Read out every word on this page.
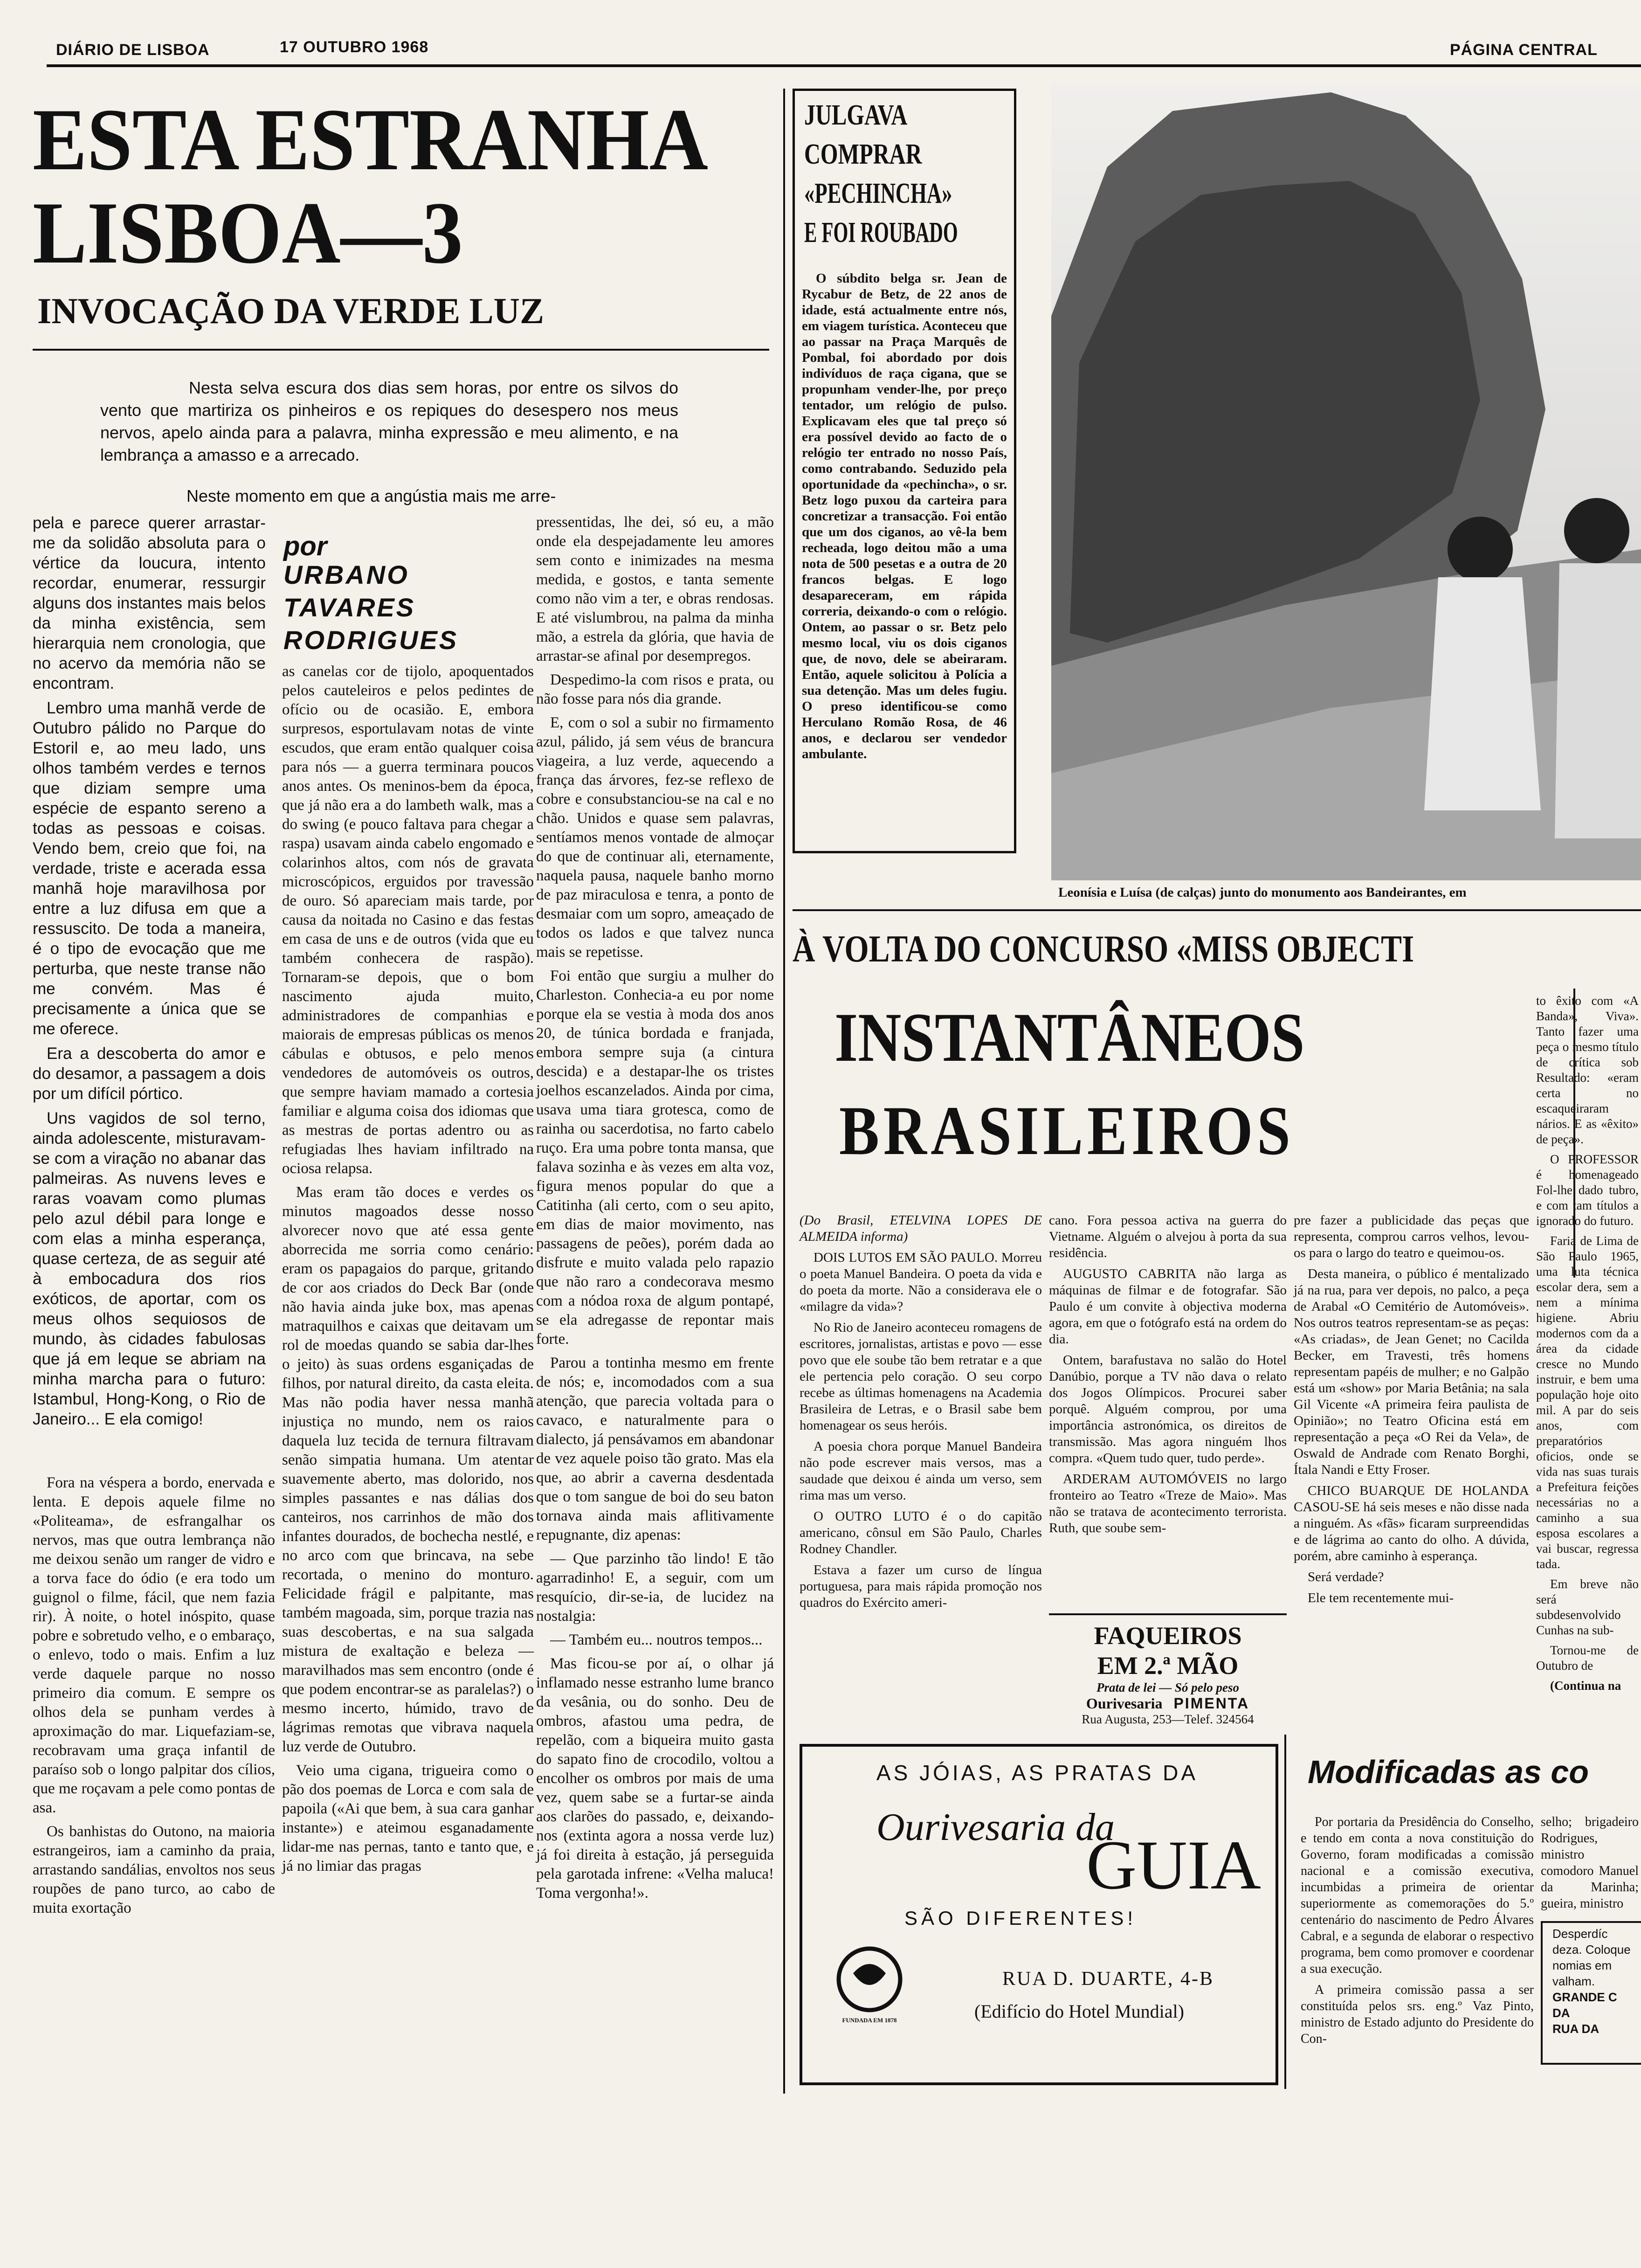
DIÁRIO DE LISBOA	17 OUTUBRO 1968	PÁGINA CENTRAL
ESTA ESTRANHA
LISBOA—3
INVOCAÇÃO DA VERDE LUZ
Nesta selva escura dos dias sem horas, por entre os silvos do vento que martiriza os pinheiros e os repiques do desespero nos meus nervos, apelo ainda para a palavra, minha expressão e meu alimento, e na lembrança a amasso e a arrecado.
Neste momento em que a angústia mais me arre-
por
URBANO TAVARES RODRIGUES

pela e parece querer arrastar-me da solidão absoluta para o vértice da loucura, intento recordar, enumerar, ressurgir alguns dos instantes mais belos da minha existência, sem hierarquia nem cronologia, que no acervo da memória não se encontram.

Lembro uma manhã verde de Outubro pálido no Parque do Estoril e, ao meu lado, uns olhos também verdes e ternos que diziam sempre uma espécie de espanto sereno a todas as pessoas e coisas. Vendo bem, creio que foi, na verdade, triste e acerada essa manhã hoje maravilhosa por entre a luz difusa em que a ressuscito. De toda a maneira, é o tipo de evocação que me perturba, que neste transe não me convém. Mas é precisamente a única que se me oferece.

Era a descoberta do amor e do desamor, a passagem a dois por um difícil pórtico.

Uns vagidos de sol terno, ainda adolescente, misturavam-se com a viração no abanar das palmeiras. As nuvens leves e raras voavam como plumas pelo azul débil para longe e com elas a minha esperança, quase certeza, de as seguir até à embocadura dos rios exóticos, de aportar, com os meus olhos sequiosos de mundo, às cidades fabulosas que já em leque se abriam na minha marcha para o futuro: Istambul, Hong-Kong, o Rio de Janeiro... E ela comigo!

Fora na véspera a bordo, enervada e lenta. E depois aquele filme no «Politeama», de esfrangalhar os nervos, mas que outra lembrança não me deixou senão um ranger de vidro e a torva face do ódio (e era todo um guignol o filme, fácil, que nem fazia rir). À noite, o hotel inóspito, quase pobre e sobretudo velho, e o embaraço, o enlevo, todo o mais. Enfim a luz verde daquele parque no nosso primeiro dia comum. E sempre os olhos dela se punham verdes à aproximação do mar. Liquefaziam-se, recobravam uma graça infantil de paraíso sob o longo palpitar dos cílios, que me roçavam a pele como pontas de asa.

Os banhistas do Outono, na maioria estrangeiros, iam a caminho da praia, arrastando sandálias, envoltos nos seus roupões de pano turco, ao cabo de muita exortação

as canelas cor de tijolo, apoquentados pelos cauteleiros e pelos pedintes de ofício ou de ocasião. E, embora surpresos, esportulavam notas de vinte escudos, que eram então qualquer coisa para nós — a guerra terminara poucos anos antes. Os meninos-bem da época, que já não era a do lambeth walk, mas a do swing (e pouco faltava para chegar a raspa) usavam ainda cabelo engomado e colarinhos altos, com nós de gravata microscópicos, erguidos por travessão de ouro. Só apareciam mais tarde, por causa da noitada no Casino e das festas em casa de uns e de outros (vida que eu também conhecera de raspão). Tornaram-se depois, que o bom nascimento ajuda muito, administradores de companhias e maiorais de empresas públicas os menos cábulas e obtusos, e pelo menos vendedores de automóveis os outros, que sempre haviam mamado a cortesia familiar e alguma coisa dos idiomas que as mestras de portas adentro ou as refugiadas lhes haviam infiltrado na ociosa relapsa.

Mas eram tão doces e verdes os minutos magoados desse nosso alvorecer novo que até essa gente aborrecida me sorria como cenário: eram os papagaios do parque, gritando de cor aos criados do Deck Bar (onde não havia ainda juke box, mas apenas matraquilhos e caixas que deitavam um rol de moedas quando se sabia dar-lhes o jeito) às suas ordens esganiçadas de filhos, por natural direito, da casta eleita. Mas não podia haver nessa manhã injustiça no mundo, nem os raios daquela luz tecida de ternura filtravam senão simpatia humana. Um atentar suavemente aberto, mas dolorido, nos simples passantes e nas dálias dos canteiros, nos carrinhos de mão dos infantes dourados, de bochecha nestlé, e no arco com que brincava, na sebe recortada, o menino do monturo. Felicidade frágil e palpitante, mas também magoada, sim, porque trazia nas suas descobertas, e na sua salgada mistura de exaltação e beleza — maravilhados mas sem encontro (onde é que podem encontrar-se as paralelas?) o mesmo incerto, húmido, travo de lágrimas remotas que vibrava naquela luz verde de Outubro.

Veio uma cigana, trigueira como o pão dos poemas de Lorca e com sala de papoila («Ai que bem, à sua cara ganhar instante») e ateimou esganadamente lidar-me nas pernas, tanto e tanto que, e já no limiar das pragas

pressentidas, lhe dei, só eu, a mão onde ela despejadamente leu amores sem conto e inimizades na mesma medida, e gostos, e tanta semente como não vim a ter, e obras rendosas. E até vislumbrou, na palma da minha mão, a estrela da glória, que havia de arrastar-se afinal por desempregos.

Despedimo-la com risos e prata, ou não fosse para nós dia grande.

E, com o sol a subir no firmamento azul, pálido, já sem véus de brancura viageira, a luz verde, aquecendo a frança das árvores, fez-se reflexo de cobre e consubstanciou-se na cal e no chão. Unidos e quase sem palavras, sentíamos menos vontade de almoçar do que de continuar ali, eternamente, naquela pausa, naquele banho morno de paz miraculosa e tenra, a ponto de desmaiar com um sopro, ameaçado de todos os lados e que talvez nunca mais se repetisse.

Foi então que surgiu a mulher do Charleston. Conhecia-a eu por nome porque ela se vestia à moda dos anos 20, de túnica bordada e franjada, embora sempre suja (a cintura descida) e a destapar-lhe os tristes joelhos escanzelados. Ainda por cima, usava uma tiara grotesca, como de rainha ou sacerdotisa, no farto cabelo ruço. Era uma pobre tonta mansa, que falava sozinha e às vezes em alta voz, figura menos popular do que a Catitinha (ali certo, com o seu apito, em dias de maior movimento, nas passagens de peões), porém dada ao disfrute e muito valada pelo rapazio que não raro a condecorava mesmo com a nódoa roxa de algum pontapé, se ela adregasse de repontar mais forte.

Parou a tontinha mesmo em frente de nós; e, incomodados com a sua atenção, que parecia voltada para o cavaco, e naturalmente para o dialecto, já pensávamos em abandonar de vez aquele poiso tão grato. Mas ela que, ao abrir a caverna desdentada que o tom sangue de boi do seu baton tornava ainda mais aflitivamente repugnante, diz apenas:

— Que parzinho tão lindo! E tão agarradinho! E, a seguir, com um resquício, dir-se-ia, de lucidez na nostalgia:

— Também eu... noutros tempos...

Mas ficou-se por aí, o olhar já inflamado nesse estranho lume branco da vesânia, ou do sonho. Deu de ombros, afastou uma pedra, de repelão, com a biqueira muito gasta do sapato fino de crocodilo, voltou a encolher os ombros por mais de uma vez, quem sabe se a furtar-se ainda aos clarões do passado, e, deixando-nos (extinta agora a nossa verde luz) já foi direita à estação, já perseguida pela garotada infrene: «Velha maluca! Toma vergonha!».

JULGAVA
COMPRAR
«PECHINCHA»
E FOI ROUBADO

O súbdito belga sr. Jean de Rycabur de Betz, de 22 anos de idade, está actualmente entre nós, em viagem turística. Aconteceu que ao passar na Praça Marquês de Pombal, foi abordado por dois indivíduos de raça cigana, que se propunham vender-lhe, por preço tentador, um relógio de pulso. Explicavam eles que tal preço só era possível devido ao facto de o relógio ter entrado no nosso País, como contrabando. Seduzido pela oportunidade da «pechincha», o sr. Betz logo puxou da carteira para concretizar a transacção. Foi então que um dos ciganos, ao vê-la bem recheada, logo deitou mão a uma nota de 500 pesetas e a outra de 20 francos belgas. E logo desapareceram, em rápida correria, deixando-o com o relógio. Ontem, ao passar o sr. Betz pelo mesmo local, viu os dois ciganos que, de novo, dele se abeiraram. Então, aquele solicitou à Polícia a sua detenção. Mas um deles fugiu. O preso identificou-se como Herculano Romão Rosa, de 46 anos, e declarou ser vendedor ambulante.

Leonísia e Luísa (de calças) junto do monumento aos Bandeirantes, em
À VOLTA DO CONCURSO «MISS OBJECTI
INSTANTÂNEOS
BRASILEIROS

(Do Brasil, ETELVINA LOPES DE ALMEIDA informa)

DOIS LUTOS EM SÃO PAULO. Morreu o poeta Manuel Bandeira. O poeta da vida e do poeta da morte. Não a considerava ele o «milagre da vida»?

No Rio de Janeiro aconteceu romagens de escritores, jornalistas, artistas e povo — esse povo que ele soube tão bem retratar e a que ele pertencia pelo coração. O seu corpo recebe as últimas homenagens na Academia Brasileira de Letras, e o Brasil sabe bem homenagear os seus heróis.

A poesia chora porque Manuel Bandeira não pode escrever mais versos, mas a saudade que deixou é ainda um verso, sem rima mas um verso.

O OUTRO LUTO é o do capitão americano, cônsul em São Paulo, Charles Rodney Chandler.

Estava a fazer um curso de língua portuguesa, para mais rápida promoção nos quadros do Exército ameri-

cano. Fora pessoa activa na guerra do Vietname. Alguém o alvejou à porta da sua residência.

AUGUSTO CABRITA não larga as máquinas de filmar e de fotografar. São Paulo é um convite à objectiva moderna agora, em que o fotógrafo está na ordem do dia.

Ontem, barafustava no salão do Hotel Danúbio, porque a TV não dava o relato dos Jogos Olímpicos. Procurei saber porquê. Alguém comprou, por uma importância astronómica, os direitos de transmissão. Mas agora ninguém lhos compra. «Quem tudo quer, tudo perde».

ARDERAM AUTOMÓVEIS no largo fronteiro ao Teatro «Treze de Maio». Mas não se tratava de acontecimento terrorista. Ruth, que soube sem-

pre fazer a publicidade das peças que representa, comprou carros velhos, levou-os para o largo do teatro e queimou-os.

Desta maneira, o público é mentalizado já na rua, para ver depois, no palco, a peça de Arabal «O Cemitério de Automóveis». Nos outros teatros representam-se as peças: «As criadas», de Jean Genet; no Cacilda Becker, em Travesti, três homens representam papéis de mulher; e no Galpão está um «show» por Maria Betânia; na sala Gil Vicente «A primeira feira paulista de Opinião»; no Teatro Oficina está em representação a peça «O Rei da Vela», de Oswald de Andrade com Renato Borghi, Ítala Nandi e Etty Froser.

CHICO BUARQUE DE HOLANDA CASOU-SE há seis meses e não disse nada a ninguém. As «fãs» ficaram surpreendidas e de lágrima ao canto do olho. A dúvida, porém, abre caminho à esperança.

Será verdade?

Ele tem recentemente mui-

to êxito com «A Banda», Viva». Tanto fazer uma peça o mesmo título de crítica sob Resultado: «eram certa no escaqueiraram nários. E as «êxito» de peça».

O PROFESSOR é homenageado Fol-lhe dado tubro, e com tam títulos a ignorado do futuro.

Faria de Lima de São Paulo 1965, uma luta técnica escolar dera, sem a nem a mínima higiene. Abriu modernos com da a área da cidade cresce no Mundo instruir, e bem uma população hoje oito mil. A par do seis anos, com preparatórios oficios, onde se vida nas suas turais a Prefeitura feições necessárias no a caminho a sua esposa escolares a vai buscar, regressa tada.

Em breve não será subdesenvolvido Cunhas na sub-

Tornou-me de Outubro de

(Continua na

FAQUEIROS
EM 2.ª MÃO
Prata de lei — Só pelo peso
Ourivesaria PIMENTA
Rua Augusta, 253—Telef. 324564
AS JÓIAS, AS PRATAS DA
Ourivesaria da
GUIA
SÃO DIFERENTES!
FUNDADA EM 1878
RUA D. DUARTE, 4-B
(Edifício do Hotel Mundial)
Modificadas as co

Por portaria da Presidência do Conselho, e tendo em conta a nova constituição do Governo, foram modificadas a comissão nacional e a comissão executiva, incumbidas a primeira de orientar superiormente as comemorações do 5.º centenário do nascimento de Pedro Álvares Cabral, e a segunda de elaborar o respectivo programa, bem como promover e coordenar a sua execução.

A primeira comissão passa a ser constituída pelos srs. eng.º Vaz Pinto, ministro de Estado adjunto do Presidente do Con-

selho; brigadeiro Rodrigues, ministro comodoro Manuel da Marinha; gueira, ministro
Desperdíc
deza. Coloque
nomias em
valham.
GRANDE C
DA
RUA DA
